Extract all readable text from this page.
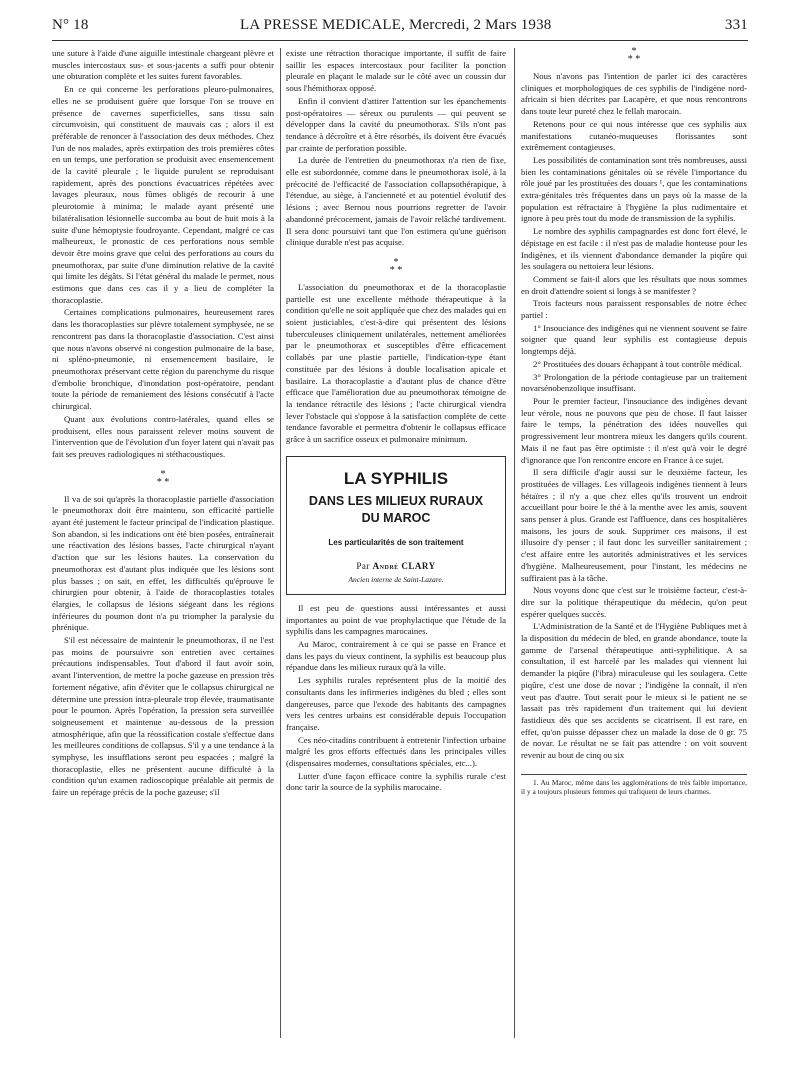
N° 18	LA PRESSE MEDICALE, Mercredi, 2 Mars 1938	331

une suture à l'aide d'une aiguille intestinale chargeant plèvre et muscles intercostaux sus- et sous-jacents a suffi pour obtenir une obturation complète et les suites furent favorables.

En ce qui concerne les perforations pleuro-pulmonaires, elles ne se produisent guère que lorsque l'on se trouve en présence de cavernes superficielles, sans tissu sain circumvoisin, qui constituent de mauvais cas ; alors il est préférable de renoncer à l'association des deux méthodes. Chez l'un de nos malades, après extirpation des trois premières côtes en un temps, une perforation se produisit avec ensemencement de la cavité pleurale ; le liquide purulent se reproduisant rapidement, après des ponctions évacuatrices répétées avec lavages pleuraux, nous fûmes obligés de recourir à une pleurotomie à minima; le malade ayant présenté une bilatéralisation lésionnelle succomba au bout de huit mois à la suite d'une hémoptysie foudroyante. Cependant, malgré ce cas malheureux, le pronostic de ces perforations nous semble devoir être moins grave que celui des perforations au cours du pneumothorax, par suite d'une diminution relative de la cavité qui limite les dégâts. Si l'état général du malade le permet, nous estimons que dans ces cas il y a lieu de compléter la thoracoplastie.

Certaines complications pulmonaires, heureusement rares dans les thoracoplasties sur plèvre totalement symphysée, ne se rencontrent pas dans la thoracoplastie d'association. C'est ainsi que nous n'avons observé ni congestion pulmonaire de la base, ni spléno-pneumonie, ni ensemencement basilaire, le pneumothorax préservant cette région du parenchyme du risque d'embolie bronchique, d'inondation post-opératoire, pendant toute la période de remaniement des lésions consécutif à l'acte chirurgical.

Quant aux évolutions contro-latérales, quand elles se produisent, elles nous paraissent relever moins souvent de l'intervention que de l'évolution d'un foyer latent qui n'avait pas fait ses preuves radiologiques ni stéthacoustiques.

*
* *

Il va de soi qu'après la thoracoplastie partielle d'association le pneumothorax doit être maintenu, son efficacité partielle ayant été justement le facteur principal de l'indication plastique. Son abandon, si les indications ont été bien posées, entraînerait une réactivation des lésions basses, l'acte chirurgical n'ayant d'action que sur les lésions hautes. La conservation du pneumothorax est d'autant plus indiquée que les lésions sont plus basses ; on sait, en effet, les difficultés qu'éprouve le chirurgien pour obtenir, à l'aide de thoracoplasties totales élargies, le collapsus de lésions siégeant dans les régions inférieures du poumon dont n'a pu triompher la paralysie du phrénique.

S'il est nécessaire de maintenir le pneumothorax, il ne l'est pas moins de poursuivre son entretien avec certaines précautions indispensables. Tout d'abord il faut avoir soin, avant l'intervention, de mettre la poche gazeuse en pression très fortement négative, afin d'éviter que le collapsus chirurgical ne détermine une pression intra-pleurale trop élevée, traumatisante pour le poumon. Après l'opération, la pression sera surveillée soigneusement et maintenue au-dessous de la pression atmosphérique, afin que la réossification costale s'effectue dans les meilleures conditions de collapsus. S'il y a une tendance à la symphyse, les insufflations seront peu espacées ; malgré la thoracoplastie, elles ne présentent aucune difficulté à la condition qu'un examen radioscopique préalable ait permis de faire un repérage précis de la poche gazeuse; s'il

existe une rétraction thoracique importante, il suffit de faire saillir les espaces intercostaux pour faciliter la ponction pleurale en plaçant le malade sur le côté avec un coussin dur sous l'hémithorax opposé.

Enfin il convient d'attirer l'attention sur les épanchements post-opératoires — séreux ou purulents — qui peuvent se développer dans la cavité du pneumothorax. S'ils n'ont pas tendance à décroître et à être résorbés, ils doivent être évacués par crainte de perforation possible.

La durée de l'entretien du pneumothorax n'a rien de fixe, elle est subordonnée, comme dans le pneumothorax isolé, à la précocité de l'efficacité de l'association collapsothérapique, à l'étendue, au siège, à l'ancienneté et au potentiel évolutif des lésions ; avec Bernou nous pourrions regretter de l'avoir abandonné précocement, jamais de l'avoir relâché tardivement. Il sera donc poursuivi tant que l'on estimera qu'une guérison clinique durable n'est pas acquise.

*
* *

L'association du pneumothorax et de la thoracoplastie partielle est une excellente méthode thérapeutique à la condition qu'elle ne soit appliquée que chez des malades qui en soient justiciables, c'est-à-dire qui présentent des lésions tuberculeuses cliniquement unilatérales, nettement améliorées par le pneumothorax et susceptibles d'être efficacement collabés par une plastie partielle, l'indication-type étant constituée par des lésions à double localisation apicale et basilaire. La thoracoplastie a d'autant plus de chance d'être efficace que l'amélioration due au pneumothorax témoigne de la tendance rétractile des lésions ; l'acte chirurgical viendra lever l'obstacle qui s'oppose à la satisfaction complète de cette tendance favorable et permettra d'obtenir le collapsus efficace grâce à un sacrifice osseux et pulmonaire minimum.

LA SYPHILIS
DANS LES MILIEUX RURAUX
DU MAROC
Les particularités de son traitement
Par André CLARY
Ancien interne de Saint-Lazare.

Il est peu de questions aussi intéressantes et aussi importantes au point de vue prophylactique que l'étude de la syphilis dans les campagnes marocaines.

Au Maroc, contrairement à ce qui se passe en France et dans les pays du vieux continent, la syphilis est beaucoup plus répandue dans les milieux ruraux qu'à la ville.

Les syphilis rurales représentent plus de la moitié des consultants dans les infirmeries indigènes du bled ; elles sont dangereuses, parce que l'exode des habitants des campagnes vers les centres urbains est considérable depuis l'occupation française.

Ces néo-citadins contribuent à entretenir l'infection urbaine malgré les gros efforts effectués dans les principales villes (dispensaires modernes, consultations spéciales, etc...).

Lutter d'une façon efficace contre la syphilis rurale c'est donc tarir la source de la syphilis marocaine.

*
* *

Nous n'avons pas l'intention de parler ici des caractères cliniques et morphologiques de ces syphilis de l'indigène nord-africain si bien décrites par Lacapère, et que nous rencontrons dans toute leur pureté chez le fellah marocain.

Retenons pour ce qui nous intéresse que ces syphilis aux manifestations cutanéo-muqueuses florissantes sont extrêmement contagieuses.

Les possibilités de contamination sont très nombreuses, aussi bien les contaminations génitales où se révèle l'importance du rôle joué par les prostituées des douars ¹, que les contaminations extra-génitales très fréquentes dans un pays où la masse de la population est réfractaire à l'hygiène la plus rudimentaire et ignore à peu près tout du mode de transmission de la syphilis.

Le nombre des syphilis campagnardes est donc fort élevé, le dépistage en est facile : il n'est pas de maladie honteuse pour les Indigènes, et ils viennent d'abondance demander la piqûre qui les soulagera ou nettoiera leur lésions.

Comment se fait-il alors que les résultats que nous sommes en droit d'attendre soient si longs à se manifester ?

Trois facteurs nous paraissent responsables de notre échec partiel :

1° Insouciance des indigènes qui ne viennent souvent se faire soigner que quand leur syphilis est contagieuse depuis longtemps déjà.

2° Prostituées des douars échappant à tout contrôle médical.

3° Prolongation de la période contagieuse par un traitement novarsénobenzolique insuffisant.

Pour le premier facteur, l'insouciance des indigènes devant leur vérole, nous ne pouvons que peu de chose. Il faut laisser faire le temps, la pénétration des idées nouvelles qui progressivement leur montrera mieux les dangers qu'ils courent. Mais il ne faut pas être optimiste : il n'est qu'à voir le degré d'ignorance que l'on rencontre encore en France à ce sujet.

Il sera difficile d'agir aussi sur le deuxième facteur, les prostituées de villages. Les villageois indigènes tiennent à leurs hétaïres ; il n'y a que chez elles qu'ils trouvent un endroit accueillant pour boire le thé à la menthe avec les amis, souvent sans penser à plus. Grande est l'affluence, dans ces hospitalières maisons, les jours de souk. Supprimer ces maisons, il est illusoire d'y penser ; il faut donc les surveiller sanitairement ; c'est affaire entre les autorités administratives et les services d'hygiène. Malheureusement, pour l'instant, les médecins ne suffiraient pas à la tâche.

Nous voyons donc que c'est sur le troisième facteur, c'est-à-dire sur la politique thérapeutique du médecin, qu'on peut espérer quelques succès.

L'Administration de la Santé et de l'Hygiène Publiques met à la disposition du médecin de bled, en grande abondance, toute la gamme de l'arsenal thérapeutique anti-syphilitique. A sa consultation, il est harcelé par les malades qui viennent lui demander la piqûre (l'ibra) miraculeuse qui les soulagera. Cette piqûre, c'est une dose de novar ; l'indigène la connaît, il n'en veut pas d'autre. Tout serait pour le mieux si le patient ne se lassait pas très rapidement d'un traitement qui lui devient fastidieux dès que ses accidents se cicatrisent. Il est rare, en effet, qu'on puisse dépasser chez un malade la dose de 0 gr. 75 de novar. Le résultat ne se fait pas attendre : on voit souvent revenir au bout de cinq ou six

1. Au Maroc, même dans les agglomérations de très faible importance, il y a toujours plusieurs femmes qui trafiquent de leurs charmes.
